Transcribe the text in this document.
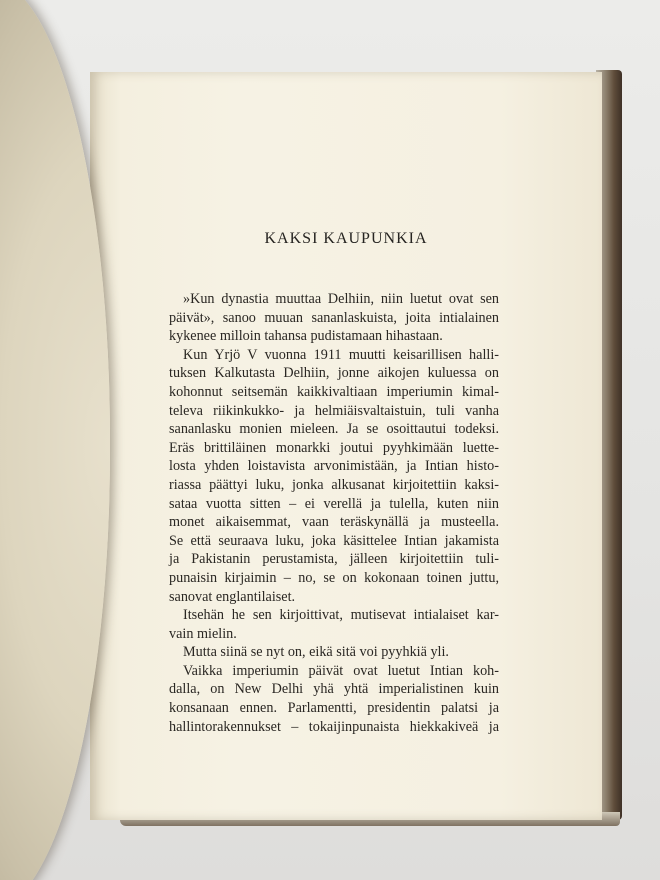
KAKSI KAUPUNKIA
»Kun dynastia muuttaa Delhiin, niin luetut ovat sen
päivät», sanoo muuan sananlaskuista, joita intialainen
kykenee milloin tahansa pudistamaan hihastaan.
Kun Yrjö V vuonna 1911 muutti keisarillisen halli-
tuksen Kalkutasta Delhiin, jonne aikojen kuluessa on
kohonnut seitsemän kaikkivaltiaan imperiumin kimal-
televa riikinkukko- ja helmiäisvaltaistuin, tuli vanha
sananlasku monien mieleen. Ja se osoittautui todeksi.
Eräs brittiläinen monarkki joutui pyyhkimään luette-
losta yhden loistavista arvonimistään, ja Intian histo-
riassa päättyi luku, jonka alkusanat kirjoitettiin kaksi-
sataa vuotta sitten – ei verellä ja tulella, kuten niin
monet aikaisemmat, vaan teräskynällä ja musteella.
Se että seuraava luku, joka käsittelee Intian jakamista
ja Pakistanin perustamista, jälleen kirjoitettiin tuli-
punaisin kirjaimin – no, se on kokonaan toinen juttu,
sanovat englantilaiset.
Itsehän he sen kirjoittivat, mutisevat intialaiset kar-
vain mielin.
Mutta siinä se nyt on, eikä sitä voi pyyhkiä yli.
Vaikka imperiumin päivät ovat luetut Intian koh-
dalla, on New Delhi yhä yhtä imperialistinen kuin
konsanaan ennen. Parlamentti, presidentin palatsi ja
hallintorakennukset – tokaijinpunaista hiekkakiveä ja
